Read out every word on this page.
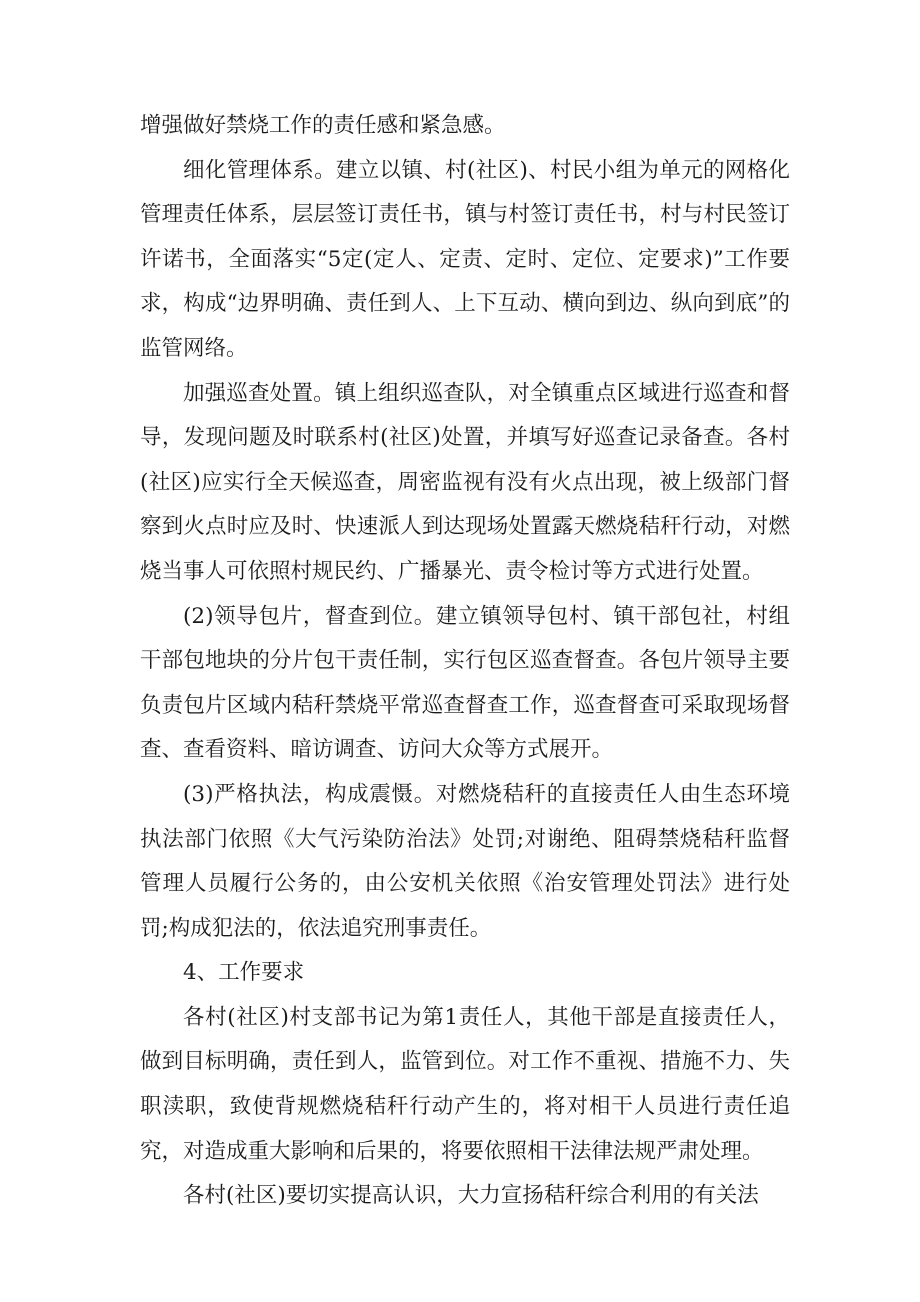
增强做好禁烧工作的责任感和紧急感。

细化管理体系。建立以镇、村(社区)、村民小组为单元的网格化管理责任体系，层层签订责任书，镇与村签订责任书，村与村民签订许诺书，全面落实“5定(定人、定责、定时、定位、定要求)”工作要求，构成“边界明确、责任到人、上下互动、横向到边、纵向到底”的监管网络。

加强巡查处置。镇上组织巡查队，对全镇重点区域进行巡查和督导，发现问题及时联系村(社区)处置，并填写好巡查记录备查。各村(社区)应实行全天候巡查，周密监视有没有火点出现，被上级部门督察到火点时应及时、快速派人到达现场处置露天燃烧秸秆行动，对燃烧当事人可依照村规民约、广播暴光、责令检讨等方式进行处置。

(2)领导包片，督查到位。建立镇领导包村、镇干部包社，村组干部包地块的分片包干责任制，实行包区巡查督查。各包片领导主要负责包片区域内秸秆禁烧平常巡查督查工作，巡查督查可采取现场督查、查看资料、暗访调查、访问大众等方式展开。

(3)严格执法，构成震慑。对燃烧秸秆的直接责任人由生态环境执法部门依照《大气污染防治法》处罚;对谢绝、阻碍禁烧秸秆监督管理人员履行公务的，由公安机关依照《治安管理处罚法》进行处罚;构成犯法的，依法追究刑事责任。

4、工作要求

各村(社区)村支部书记为第1责任人，其他干部是直接责任人，做到目标明确，责任到人，监管到位。对工作不重视、措施不力、失职渎职，致使背规燃烧秸秆行动产生的，将对相干人员进行责任追究，对造成重大影响和后果的，将要依照相干法律法规严肃处理。

各村(社区)要切实提高认识，大力宣扬秸秆综合利用的有关法
